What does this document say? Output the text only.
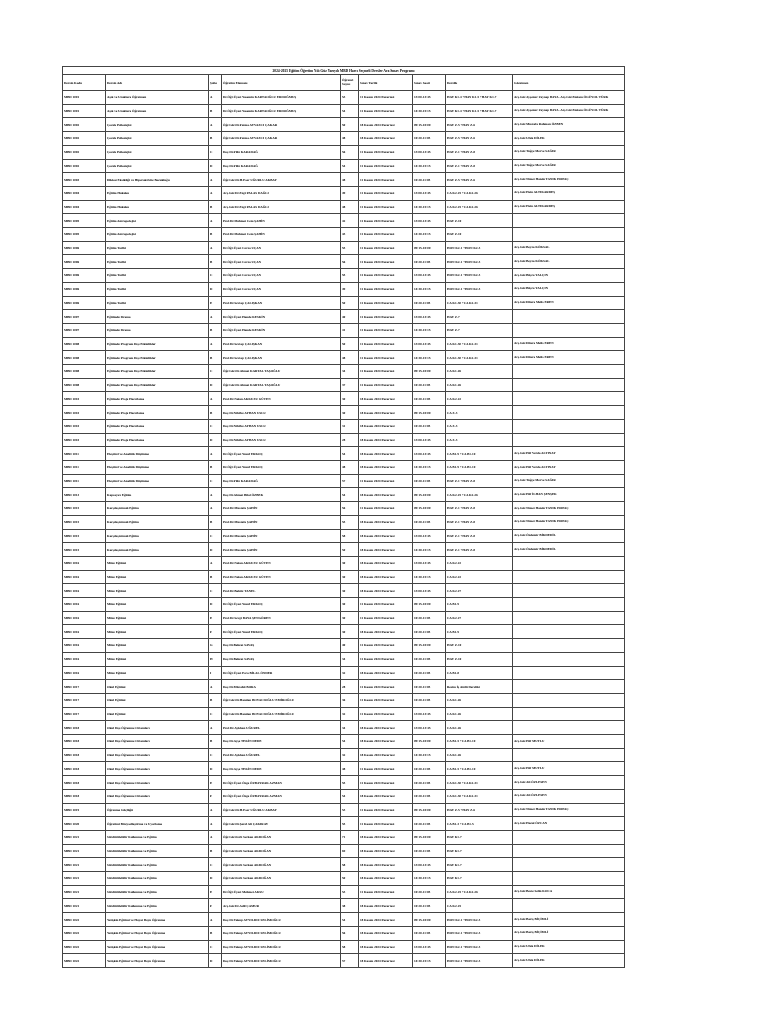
2024-2025 Eğitim Öğretim Yılı Güz Yarıyılı MBD Harcı Seçmeli Dersler Ara Sınav Programı								
Dersin Kodu	Dersin Adı	Şube	Öğretim Elemanı	Öğrenci Sayısı	Sınav Tarihi	Sınav Saati	Derslik	Gözetmen
MBD 1001	Aşık ve Uzaklara Öğretmen	A	Dr.Öğr.Üyesi Yasemin KARTAOĞLU ERDOĞMUŞ	53	11 Kasım 2024 Pazartesi	13:00-13:45	HAY K1-4 +HAY K1-5 +HAY K1-7	Arş.Gör.Ayşenur Zeynep BAYA -Arş.Gör.Emlam ÖGÜYOL TÜRK
MBD 1001	Aşık ve Uzaklara Öğretmen	B	Dr.Öğr.Üyesi Yasemin KARTAOĞLU ERDOĞMUŞ	54	11 Kasım 2024 Pazartesi	14:30-15:15	HAY K1-4 +HAY K1-5 +HAY K1-7	Arş.Gör.Ayşenur Zeynep BAYA -Arş.Gör.Emlam ÖGÜYOL TÜRK
MBD 1002	Çocuk Psikolojisi	A	Öğr.Gör.Dr.Fatma AYVAZCI ÇAKAR	50	18 Kasım 2024 Pazartesi	09:15-10:00	HAY Z-5 +HAY Z-6	Arş.Gör.Mustafa Rahman ÖZBEN
MBD 1002	Çocuk Psikolojisi	B	Öğr.Gör.Dr.Fatma AYVAZCI ÇAKAR	48	18 Kasım 2024 Pazartesi	10:20-11:05	HAY Z-5 +HAY Z-6	Arş.Gör.Ufuk DİLEK
MBD 1002	Çocuk Psikolojisi	C	Doç.Dr.Filiz KARADAĞ	56	11 Kasım 2024 Pazartesi	13:00-13:45	HAY Z-1 +HAY Z-8	Arş.Gör.Tuğçe Merve SAĞIR
MBD 1002	Çocuk Psikolojisi	D	Doç.Dr.Filiz KARADAĞ	54	11 Kasım 2024 Pazartesi	14:30-15:15	HAY Z-1 +HAY Z-8	Arş.Gör.Tuğçe Merve SAĞIR
MBD 1003	Dikkat Eksikliği ve Hiperaktivite Bozukluğu	A	Öğr.Gör.Dr.H.Eser UĞURLU AKBAY	48	11 Kasım 2024 Pazartesi	10:20-11:05	HAY Z-5 +HAY Z-6	Arş.Gör.Nimet Hande TANIK HOPAÇ
MBD 1004	Eğitim Hukuku	A	Arş.Gör.Dr.Ezgi PALAS DAĞLI	49	11 Kasım 2024 Pazartesi	13:00-13:45	CA K2-25 +CA K2-26	Arş.Gör.Ekin ALTIKARDEŞ
MBD 1004	Eğitim Hukuku	B	Arş.Gör.Dr.Ezgi PALAS DAĞLI	48	11 Kasım 2024 Pazartesi	14:30-15:15	CA K2-25 +CA K2-26	Arş.Gör.Ekin ALTIKARDEŞ
MBD 1005	Eğitim Antropolojisi	A	Prof.Dr.Mehmet Cem ŞAHİN	42	11 Kasım 2024 Pazartesi	13:00-13:45	HAY Z-10	
MBD 1005	Eğitim Antropolojisi	B	Prof.Dr.Mehmet Cem ŞAHİN	43	11 Kasım 2024 Pazartesi	14:30-15:15	HAY Z-10	
MBD 1006	Eğitim Tarihi	A	Dr.Öğr.Üyesi Cevza UÇAN	55	11 Kasım 2024 Pazartesi	09:15-10:00	HON K2-1 +HON K2-3	Arş.Gör.Beyza KÖKSAL
MBD 1006	Eğitim Tarihi	B	Dr.Öğr.Üyesi Cevza UÇAN	56	11 Kasım 2024 Pazartesi	10:20-11:05	HON K2-1 +HON K2-3	Arş.Gör.Beyza KÖKSAL
MBD 1006	Eğitim Tarihi	C	Dr.Öğr.Üyesi Cevza UÇAN	55	11 Kasım 2024 Pazartesi	13:00-13:45	HON K2-1 +HON K2-3	Arş.Gör.Büşra YALÇIN
MBD 1006	Eğitim Tarihi	D	Dr.Öğr.Üyesi Cevza UÇAN	49	11 Kasım 2024 Pazartesi	14:30-15:15	HON K2-1 +HON K2-3	Arş.Gör.Büşra YALÇIN
MBD 1006	Eğitim Tarihi	E	Prof.Dr.Sevtap ÇALIŞKAN	50	11 Kasım 2024 Pazartesi	10:20-11:05	CA K1-30 +CA K2-31	Arş.Gör.Dilara Melis EREN
MBD 1007	Eğitimde Drama	A	Dr.Öğr.Üyesi Hande KESKİN	40	11 Kasım 2024 Pazartesi	13:00-13:45	HAY Z-7	
MBD 1007	Eğitimde Drama	B	Dr.Öğr.Üyesi Hande KESKİN	41	11 Kasım 2024 Pazartesi	14:30-15:15	HAY Z-7	
MBD 1008	Eğitimde Program Dışı Etkinlikler	A	Prof.Dr.Sevtap ÇALIŞKAN	50	11 Kasım 2024 Pazartesi	13:00-13:45	CA K1-30 +CA K2-31	Arş.Gör.Dilara Melis EREN
MBD 1008	Eğitimde Program Dışı Etkinlikler	B	Prof.Dr.Sevtap ÇALIŞKAN	48	11 Kasım 2024 Pazartesi	14:30-15:15	CA K1-30 +CA K2-31	Arş.Gör.Dilara Melis EREN
MBD 1008	Eğitimde Program Dışı Etkinlikler	C	Öğr.Gör.Dr.Ahmet KARTAL TAŞOĞLU	34	11 Kasım 2024 Pazartesi	09:15-10:00	CA K1-26	
MBD 1008	Eğitimde Program Dışı Etkinlikler	D	Öğr.Gör.Dr.Ahmet KARTAL TAŞOĞLU	37	11 Kasım 2024 Pazartesi	10:20-11:05	CA K1-26	
MBD 1010	Eğitimde Proje Hazırlama	A	Prof.Dr.Nalan AKKUZU GÜVEN	30	18 Kasım 2024 Pazartesi	10:20-11:05	CA K2-22	
MBD 1010	Eğitimde Proje Hazırlama	B	Doç.Dr.Nihilve AYHAN USLU	30	18 Kasım 2024 Pazartesi	09:15-10:00	CA Z-3	
MBD 1010	Eğitimde Proje Hazırlama	C	Doç.Dr.Nihilve AYHAN USLU	31	18 Kasım 2024 Pazartesi	10:20-11:05	CA Z-3	
MBD 1010	Eğitimde Proje Hazırlama	D	Doç.Dr.Nihilve AYHAN USLU	28	18 Kasım 2024 Pazartesi	13:00-13:45	CA Z-3	
MBD 1011	Eleştirel ve Analitik Düşünme	A	Dr.Öğr.Üyesi Yusuf ERKOÇ	54	18 Kasım 2024 Pazartesi	13:00-13:45	CA B1-9 +CA B1-10	Arş.Gör.Elif Verda ALTINAY
MBD 1011	Eleştirel ve Analitik Düşünme	B	Dr.Öğr.Üyesi Yusuf ERKOÇ	48	18 Kasım 2024 Pazartesi	14:30-15:15	CA B1-9 +CA B1-10	Arş.Gör.Elif Verda ALTINAY
MBD 1011	Eleştirel ve Analitik Düşünme	C	Doç.Dr.Filiz KARADAĞ	57	11 Kasım 2024 Pazartesi	10:20-11:05	HAY Z-1 +HAY Z-8	Arş.Gör.Tuğçe Merve SAĞIR
MBD 1013	Kapsayıcı Eğitim	A	Doç.Dr.Ahmet Bilal ÖZBEK	54	18 Kasım 2024 Pazartesi	09:15-10:00	CA K2-25 +CA K2-26	Arş.Gör.Elif İLHAN ŞENŞEK
MBD 1015	Karşılaştırmalı Eğitim	A	Prof.Dr.Mustafa ŞAHİN	56	11 Kasım 2024 Pazartesi	09:15-10:00	HAY Z-1 +HAY Z-8	Arş.Gör.Nimet Hande TANIK HOPAÇ
MBD 1015	Karşılaştırmalı Eğitim	B	Prof.Dr.Mustafa ŞAHİN	55	18 Kasım 2024 Pazartesi	10:20-11:05	HAY Z-1 +HAY Z-8	Arş.Gör.Nimet Hande TANIK HOPAÇ
MBD 1015	Karşılaştırmalı Eğitim	C	Prof.Dr.Mustafa ŞAHİN	58	18 Kasım 2024 Pazartesi	13:00-13:45	HAY Z-1 +HAY Z-8	Arş.Gör.Özdemir BİKDEDİL
MBD 1015	Karşılaştırmalı Eğitim	D	Prof.Dr.Mustafa ŞAHİN	50	18 Kasım 2024 Pazartesi	14:30-15:15	HAY Z-1 +HAY Z-8	Arş.Gör.Özdemir BİKDEDİL
MBD 1016	Müze Eğitimi	A	Prof.Dr.Nalan AKKUZU GÜVEN	30	18 Kasım 2024 Pazartesi	13:00-13:45	CA K2-22	
MBD 1016	Müze Eğitimi	B	Prof.Dr.Nalan AKKUZU GÜVEN	30	18 Kasım 2024 Pazartesi	14:30-15:15	CA K2-22	
MBD 1016	Müze Eğitimi	C	Prof.Dr.Bahtiz TANEL	30	18 Kasım 2024 Pazartesi	13:00-13:45	CA K2-27	
MBD 1016	Müze Eğitimi	D	Dr.Öğr.Üyesi Yusuf ERKOÇ	30	11 Kasım 2024 Pazartesi	09:15-10:00	CA B1-9	
MBD 1016	Müze Eğitimi	E	Prof.Dr.Sevgi BAYA ŞENGÖREN	30	11 Kasım 2024 Pazartesi	10:20-11:05	CA K2-27	
MBD 1016	Müze Eğitimi	F	Dr.Öğr.Üyesi Yusuf ERKOÇ	30	18 Kasım 2024 Pazartesi	10:20-11:05	CA B1-9	
MBD 1016	Müze Eğitimi	G	Doç.Dr.Behzat SAVAŞ	40	11 Kasım 2024 Pazartesi	09:15-10:00	HAY Z-10	
MBD 1016	Müze Eğitimi	H	Doç.Dr.Behzat SAVAŞ	34	11 Kasım 2024 Pazartesi	10:20-11:05	HAY Z-10	
MBD 1016	Müze Eğitimi	I	Dr.Öğr.Üyesi Esra BİLAL ÖNDER	32	18 Kasım 2024 Pazartesi	10:20-11:05	CA B1-8	
MBD 1017	Okul Eğitimi	A	Doç.Dr.Mücahit BORA	28	11 Kasım 2024 Pazartesi	10:20-11:05	Resim İş Atölü Dersliki	
MBD 1017	Okul Eğitimi	B	Öğr.Gör.Dr.Handan BOYACIOĞLU EMİROĞLU	36	11 Kasım 2024 Pazartesi	10:20-11:05	CA K1-26	
MBD 1017	Okul Eğitimi	C	Öğr.Gör.Dr.Handan BOYACIOĞLU EMİROĞLU	32	11 Kasım 2024 Pazartesi	13:00-13:45	CA K1-26	
MBD 1018	Okul Dışı Öğrenme Ortamları	A	Prof.Dr.Aykhan UĞUREL	34	18 Kasım 2024 Pazartesi	13:00-13:45	CA K1-26	
MBD 1018	Okul Dışı Öğrenme Ortamları	B	Doç.Dr.Ayşe TEKİN DEDE	54	18 Kasım 2024 Pazartesi	09:15-10:00	CA B1-5 +CA B1-10	Arş.Gör.Elif MUTLU
MBD 1018	Okul Dışı Öğrenme Ortamları	C	Prof.Dr.Aykhan UĞUREL	32	18 Kasım 2024 Pazartesi	14:30-15:15	CA K1-26	
MBD 1018	Okul Dışı Öğrenme Ortamları	D	Doç.Dr.Ayşe TEKİN DEDE	48	11 Kasım 2024 Pazartesi	10:20-11:05	CA B1-5 +CA B1-10	Arş.Gör.Elif MUTLU
MBD 1018	Okul Dışı Öğrenme Ortamları	E	Dr.Öğr.Üyesi Özge ÖZBAYRAK AZMAN	55	11 Kasım 2024 Pazartesi	10:20-11:05	CA K1-30 +CA K2-31	Arş.Gör.Ali ÖZLESEN
MBD 1018	Okul Dışı Öğrenme Ortamları	F	Dr.Öğr.Üyesi Özge ÖZBAYRAK AZMAN	54	18 Kasım 2024 Pazartesi	10:20-11:05	CA K1-30 +CA K2-31	Arş.Gör.Ali ÖZLESEN
MBD 1019	Öğrenme Güçlüğü	A	Öğr.Gör.Dr.H.Eser UĞURLU AKBAY	53	11 Kasım 2024 Pazartesi	09:15-10:00	HAY Z-5 +HAY Z-6	Arş.Gör.Nimet Hande TANIK HOPAÇ
MBD 1020	Öğretimi Bireyselleştirme ve Uyarlama	A	Öğr.Gör.Dr.Şeref Ali ÇAKIRAY	55	11 Kasım 2024 Pazartesi	10:20-11:05	CA B1-3 +CA B1-5	Arş.Gör.Hazal ÖZCAN
MBD 1021	Sürdürülebilir Kalkınma ve Eğitim	A	Öğr.Gör.Ferit Serkan AKDOĞAN	71	18 Kasım 2024 Pazartesi	09:15-10:00	HAY K1-7	
MBD 1021	Sürdürülebilir Kalkınma ve Eğitim	B	Öğr.Gör.Ferit Serkan AKDOĞAN	69	18 Kasım 2024 Pazartesi	10:20-11:05	HAY K1-7	
MBD 1021	Sürdürülebilir Kalkınma ve Eğitim	C	Öğr.Gör.Ferit Serkan AKDOĞAN	58	18 Kasım 2024 Pazartesi	13:00-13:45	HAY K1-7	
MBD 1021	Sürdürülebilir Kalkınma ve Eğitim	D	Öğr.Gör.Ferit Serkan AKDOĞAN	50	18 Kasım 2024 Pazartesi	14:30-15:15	HAY K1-7	
MBD 1021	Sürdürülebilir Kalkınma ve Eğitim	E	Dr.Öğr.Üyesi Mehmet AKSU	53	11 Kasım 2024 Pazartesi	10:20-11:05	CA K2-25 +CA K2-26	Arş.Gör.Beste Selin KOCA
MBD 1021	Sürdürülebilir Kalkınma ve Eğitim	F	Arş.Gör.Dr.Adil ÇAMUR	38	18 Kasım 2024 Pazartesi	10:20-11:05	CA K2-25	
MBD 1022	Yetişkin Eğitimi ve Hayat Boyu Öğrenme	A	Doç.Dr.Yakup AYYILDIZ SELİMOĞLU	54	18 Kasım 2024 Pazartesi	09:15-10:00	HON K2-1 +HON K2-3	Arş.Gör.Barış BİÇİMLİ
MBD 1022	Yetişkin Eğitimi ve Hayat Boyu Öğrenme	B	Doç.Dr.Yakup AYYILDIZ SELİMOĞLU	56	18 Kasım 2024 Pazartesi	10:20-11:05	HON K2-1 +HON K2-3	Arş.Gör.Barış BİÇİMLİ
MBD 1022	Yetişkin Eğitimi ve Hayat Boyu Öğrenme	C	Doç.Dr.Yakup AYYILDIZ SELİMOĞLU	58	18 Kasım 2024 Pazartesi	13:00-13:45	HON K2-1 +HON K2-3	Arş.Gör.Ufuk DİLEK
MBD 1022	Yetişkin Eğitimi ve Hayat Boyu Öğrenme	D	Doç.Dr.Yakup AYYILDIZ SELİMOĞLU	57	18 Kasım 2024 Pazartesi	14:30-15:15	HON K2-1 +HON K2-3	Arş.Gör.Ufuk DİLEK
